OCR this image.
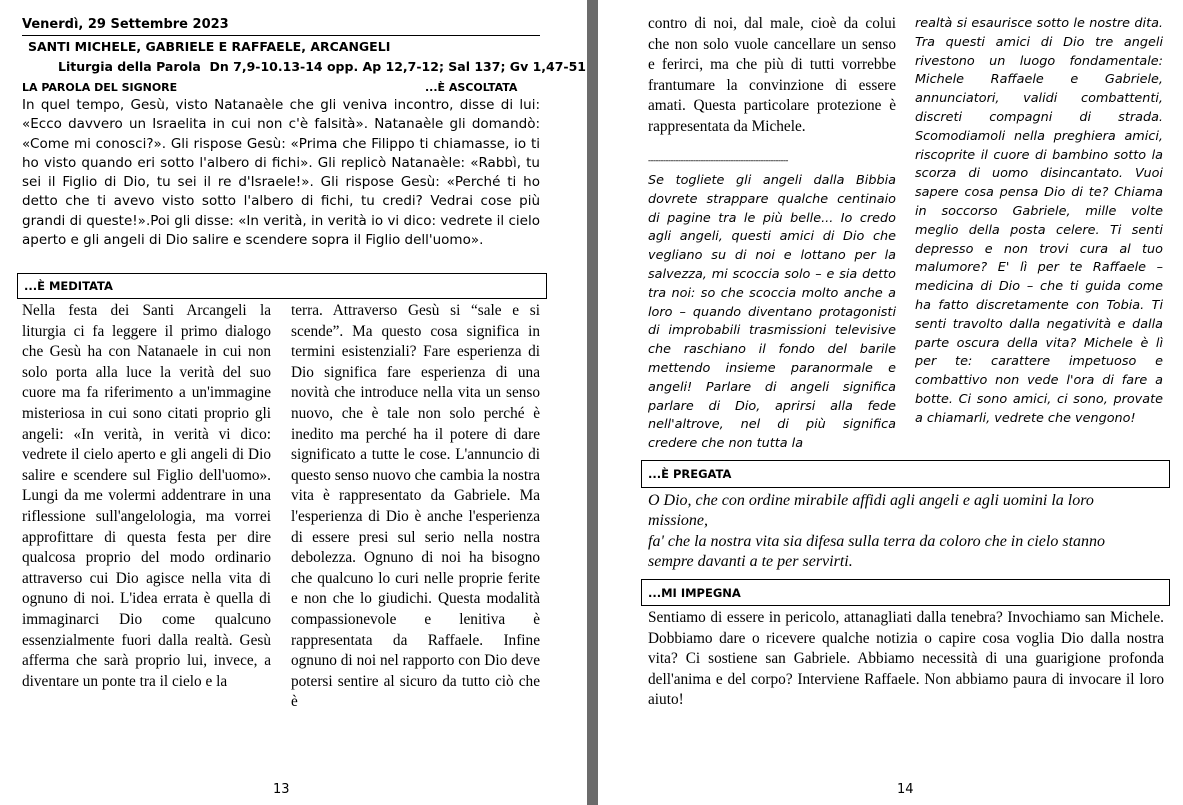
Venerdì, 29 Settembre 2023
SANTI MICHELE, GABRIELE E RAFFAELE, ARCANGELI
Liturgia della Parola  Dn 7,9-10.13-14 opp. Ap 12,7-12; Sal 137; Gv 1,47-51
LA PAROLA DEL SIGNORE	...È ASCOLTATA
In quel tempo, Gesù, visto Natanaèle che gli veniva incontro, disse di lui: «Ecco davvero un Israelita in cui non c'è falsità». Natanaèle gli domandò: «Come mi conosci?». Gli rispose Gesù: «Prima che Filippo ti chiamasse, io ti ho visto quando eri sotto l'albero di fichi». Gli replicò Natanaèle: «Rabbì, tu sei il Figlio di Dio, tu sei il re d'Israele!». Gli rispose Gesù: «Perché ti ho detto che ti avevo visto sotto l'albero di fichi, tu credi? Vedrai cose più grandi di queste!».Poi gli disse: «In verità, in verità io vi dico: vedrete il cielo aperto e gli angeli di Dio salire e scendere sopra il Figlio dell'uomo».
...È MEDITATA
Nella festa dei Santi Arcangeli la liturgia ci fa leggere il primo dialogo che Gesù ha con Natanaele in cui non solo porta alla luce la verità del suo cuore ma fa riferimento a un'immagine misteriosa in cui sono citati proprio gli angeli: «In verità, in verità vi dico: vedrete il cielo aperto e gli angeli di Dio salire e scendere sul Figlio dell'uomo». Lungi da me volermi addentrare in una riflessione sull'angelologia, ma vorrei approfittare di questa festa per dire qualcosa proprio del modo ordinario attraverso cui Dio agisce nella vita di ognuno di noi. L'idea errata è quella di immaginarci Dio come qualcuno essenzialmente fuori dalla realtà. Gesù afferma che sarà proprio lui, invece, a diventare un ponte tra il cielo e la
terra. Attraverso Gesù si “sale e si scende”. Ma questo cosa significa in termini esistenziali? Fare esperienza di Dio significa fare esperienza di una novità che introduce nella vita un senso nuovo, che è tale non solo perché è inedito ma perché ha il potere di dare significato a tutte le cose. L'annuncio di questo senso nuovo che cambia la nostra vita è rappresentato da Gabriele. Ma l'esperienza di Dio è anche l'esperienza di essere presi sul serio nella nostra debolezza. Ognuno di noi ha bisogno che qualcuno lo curi nelle proprie ferite e non che lo giudichi. Questa modalità compassionevole e lenitiva è rappresentata da Raffaele. Infine ognuno di noi nel rapporto con Dio deve potersi sentire al sicuro da tutto ciò che è
13
contro di noi, dal male, cioè da colui che non solo vuole cancellare un senso e ferirci, ma che più di tutti vorrebbe frantumare la convinzione di essere amati. Questa particolare protezione è rappresentata da Michele.
--------------------------------------------------------
Se togliete gli angeli dalla Bibbia dovrete strappare qualche centinaio di pagine tra le più belle... Io credo agli angeli, questi amici di Dio che vegliano su di noi e lottano per la salvezza, mi scoccia solo – e sia detto tra noi: so che scoccia molto anche a loro – quando diventano protagonisti di improbabili trasmissioni televisive che raschiano il fondo del barile mettendo insieme paranormale e angeli! Parlare di angeli significa parlare di Dio, aprirsi alla fede nell'altrove, nel di più significa credere che non tutta la
realtà si esaurisce sotto le nostre dita. Tra questi amici di Dio tre angeli rivestono un luogo fondamentale: Michele Raffaele e Gabriele, annunciatori, validi combattenti, discreti compagni di strada. Scomodiamoli nella preghiera amici, riscoprite il cuore di bambino sotto la scorza di uomo disincantato. Vuoi sapere cosa pensa Dio di te? Chiama in soccorso Gabriele, mille volte meglio della posta celere. Ti senti depresso e non trovi cura al tuo malumore? E' lì per te Raffaele – medicina di Dio – che ti guida come ha fatto discretamente con Tobia. Ti senti travolto dalla negatività e dalla parte oscura della vita? Michele è lì per te: carattere impetuoso e combattivo non vede l'ora di fare a botte. Ci sono amici, ci sono, provate a chiamarli, vedrete che vengono!
...È PREGATA
O Dio, che con ordine mirabile affidi agli angeli e agli uomini la loro missione,
fa' che la nostra vita sia difesa sulla terra da coloro che in cielo stanno sempre davanti a te per servirti.
...MI IMPEGNA
Sentiamo di essere in pericolo, attanagliati dalla tenebra? Invochiamo san Michele. Dobbiamo dare o ricevere qualche notizia o capire cosa voglia Dio dalla nostra vita? Ci sostiene san Gabriele. Abbiamo necessità di una guarigione profonda dell'anima e del corpo? Interviene Raffaele. Non abbiamo paura di invocare il loro aiuto!
14
